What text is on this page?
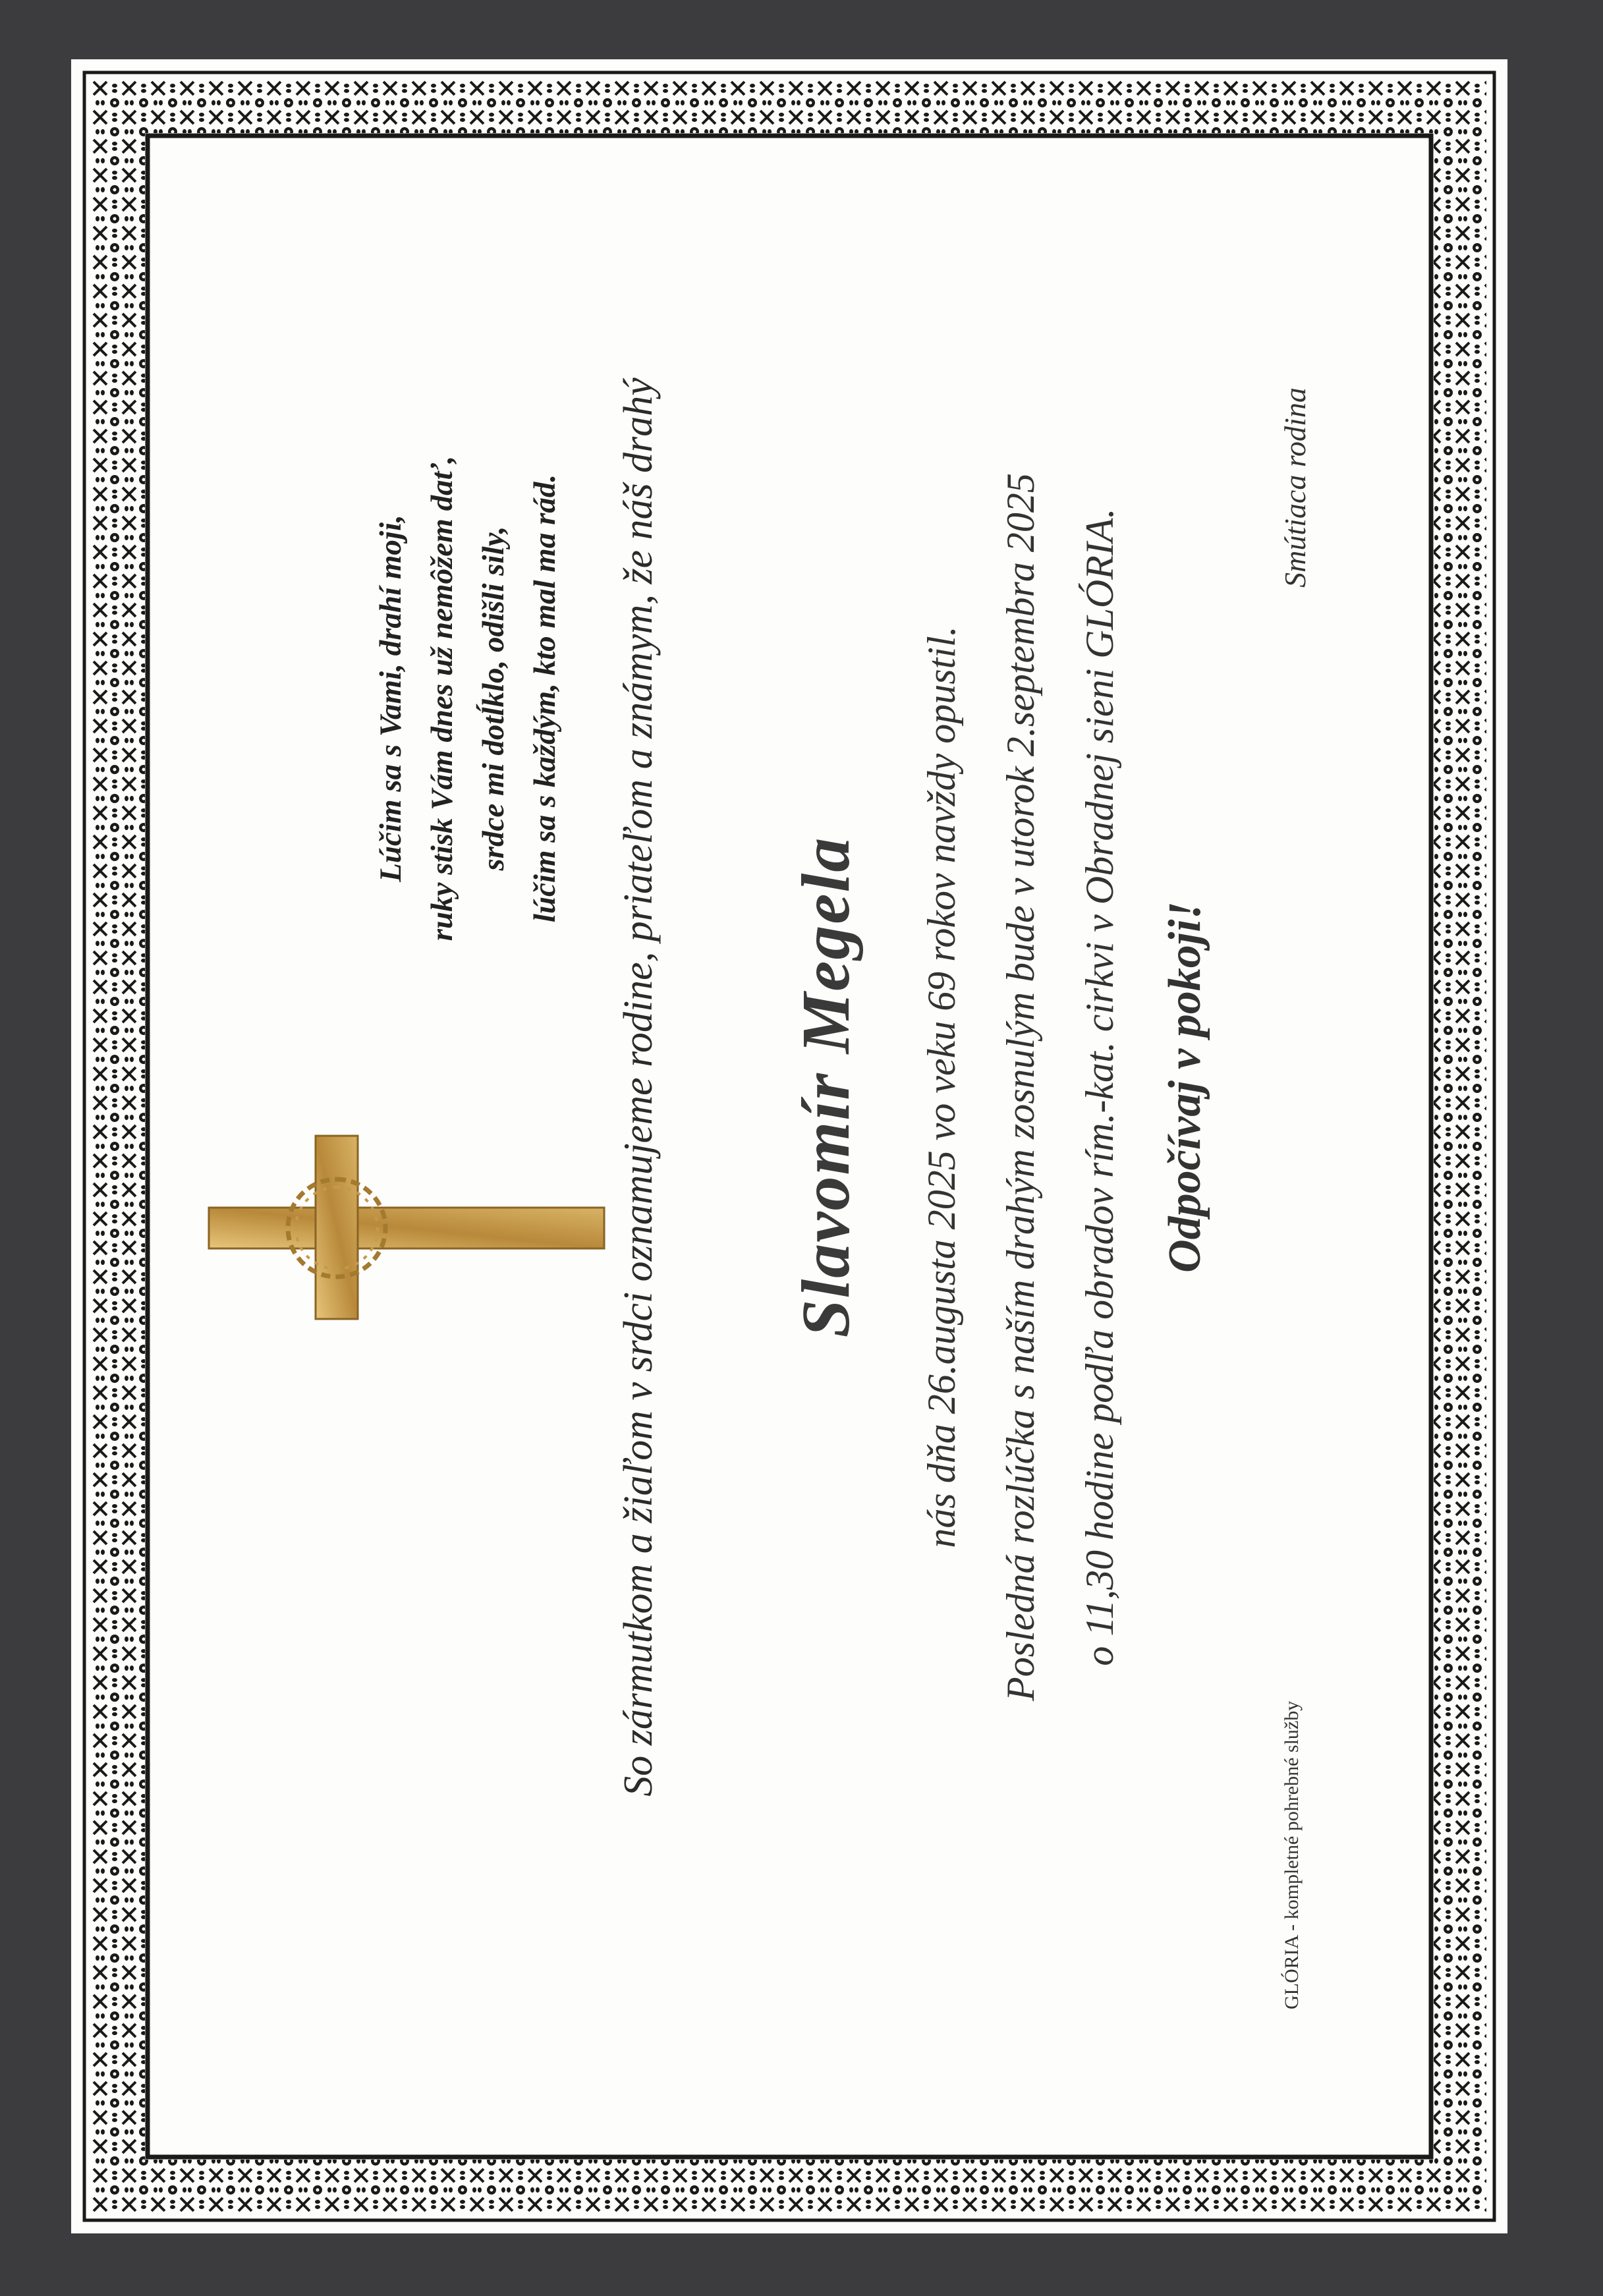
Lúčim sa s Vami, drahí moji, ruky stisk Vám dnes už nemôžem dať, srdce mi dotĺklo, odišli sily, lúčim sa s každým, kto mal ma rád. So zármutkom a žiaľom v srdci oznamujeme rodine, priateľom a známym, že náš drahý Slavomír Megela	nás dňa 26.augusta 2025 vo veku 69 rokov navždy opustil. Posledná rozlúčka s naším drahým zosnulým bude v utorok 2.septembra 2025 o 11,30 hodine podľa obradov rím.-kat. cirkvi v Obradnej sieni GLÓRIA. Odpočívaj v pokoji!
Smútiaca rodina
GLÓRIA - kompletné pohrebné služby
